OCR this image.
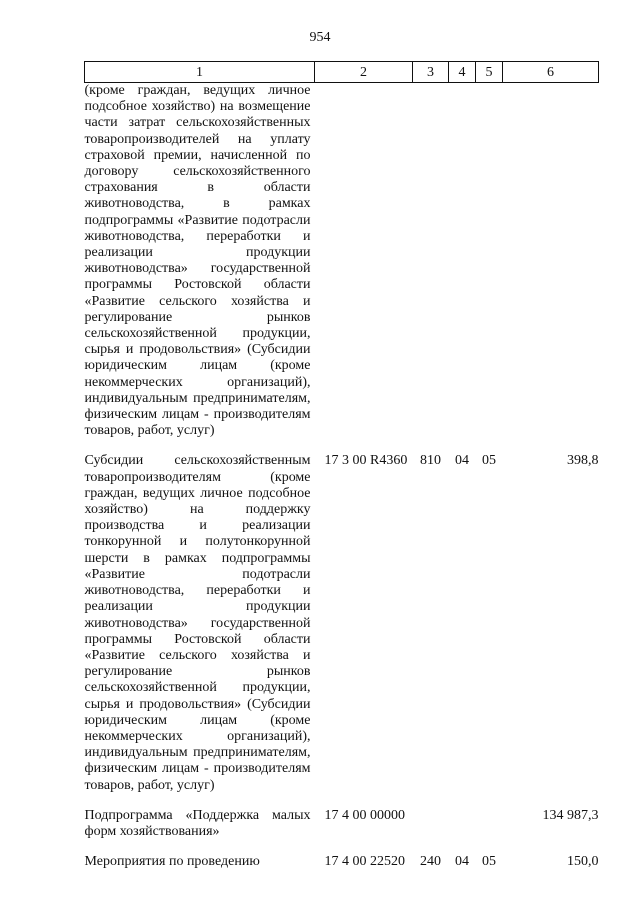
954
1	2	3	4	5	6
(кроме граждан, ведущих личное подсобное хозяйство) на возмещение части затрат сельскохозяйственных товаропроизводителей на уплату страховой премии, начисленной по договору сельскохозяйственного страхования в области животноводства, в рамках подпрограммы «Развитие подотрасли животноводства, переработки и реализации продукции животноводства» государственной программы Ростовской области «Развитие сельского хозяйства и регулирование рынков сельскохозяйственной продукции, сырья и продовольствия» (Субсидии юридическим лицам (кроме некоммерческих организаций), индивидуальным предпринимателям, физическим лицам - производителям товаров, работ, услуг)					

Субсидии сельскохозяйственным товаропроизводителям (кроме граждан, ведущих личное подсобное хозяйство) на поддержку производства и реализации тонкорунной и полутонкорунной шерсти в рамках подпрограммы «Развитие подотрасли животноводства, переработки и реализации продукции животноводства» государственной программы Ростовской области «Развитие сельского хозяйства и регулирование рынков сельскохозяйственной продукции, сырья и продовольствия» (Субсидии юридическим лицам (кроме некоммерческих организаций), индивидуальным предпринимателям, физическим лицам - производителям товаров, работ, услуг)	17 3 00 R4360	810	04	05	398,8

Подпрограмма «Поддержка малых форм хозяйствования»	17 4 00 00000				134 987,3

Мероприятия по проведению	17 4 00 22520	240	04	05	150,0
